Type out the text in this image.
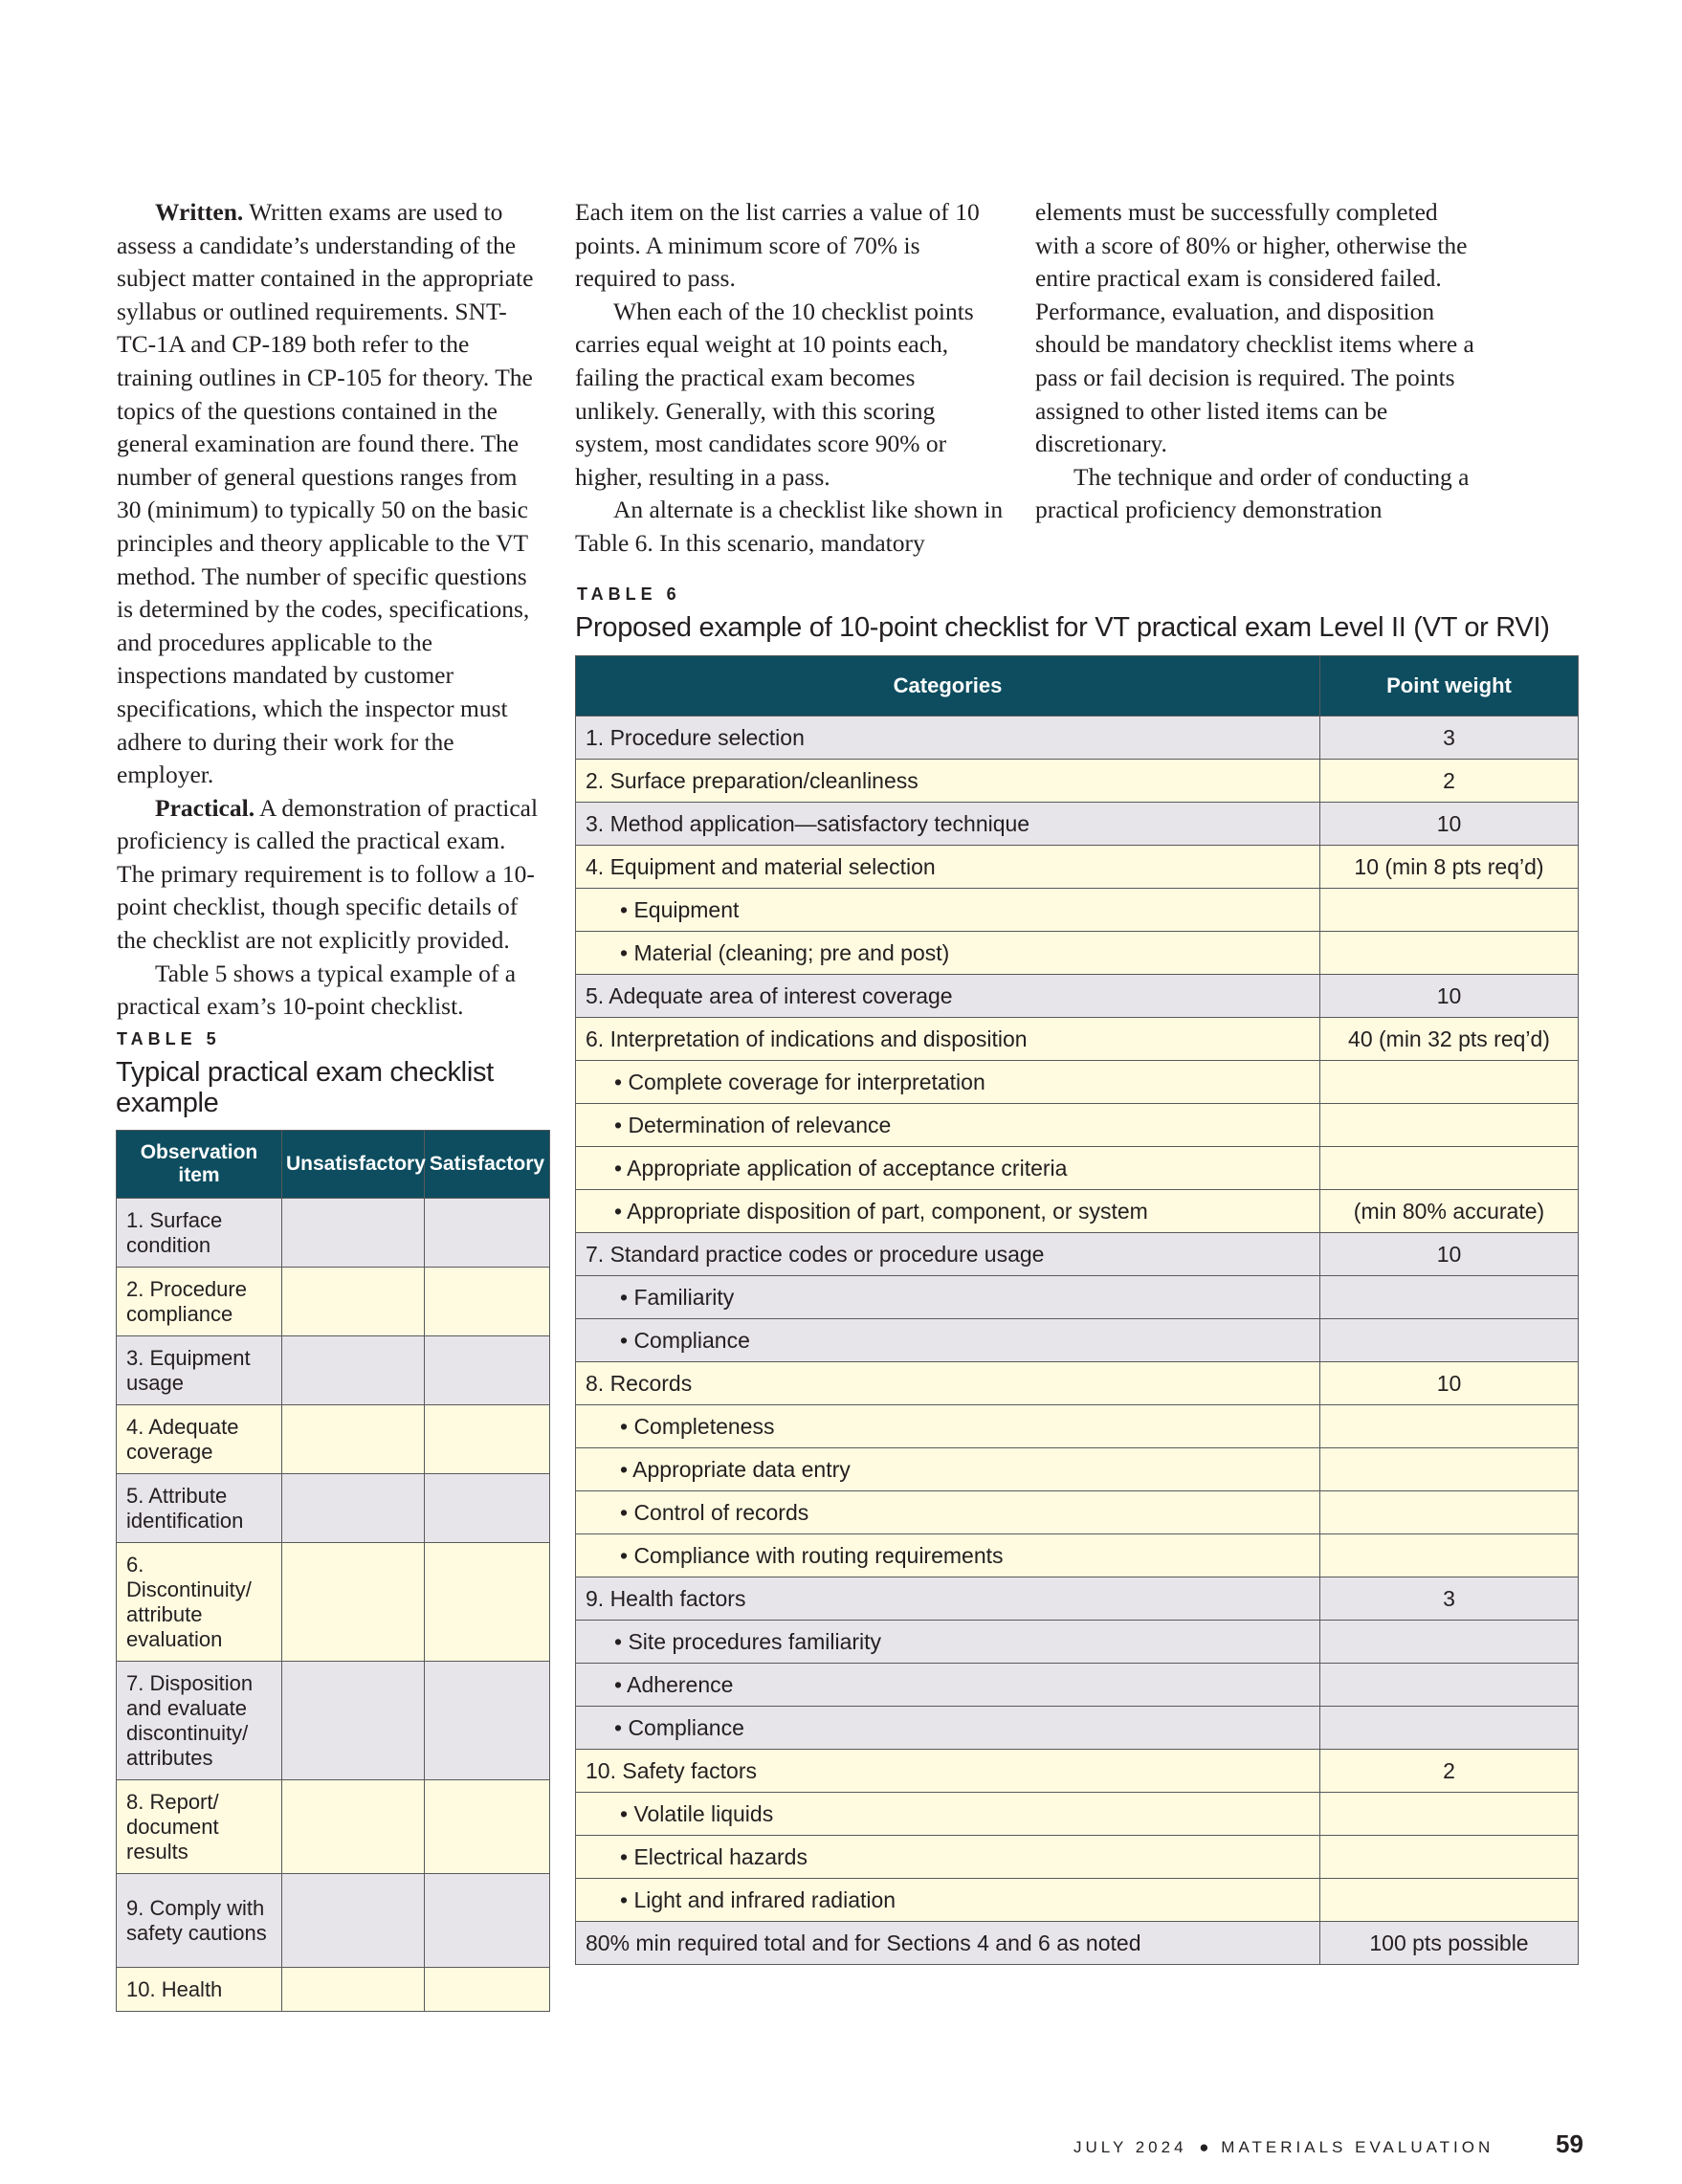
Written. Written exams are used to assess a candidate’s understanding of the subject matter contained in the appropriate syllabus or outlined requirements. SNT-TC-1A and CP-189 both refer to the training outlines in CP-105 for theory. The topics of the questions contained in the general examination are found there. The number of general questions ranges from 30 (minimum) to typically 50 on the basic principles and theory applicable to the VT method. The number of specific questions is determined by the codes, specifications, and procedures applicable to the inspections mandated by customer specifications, which the inspector must adhere to during their work for the employer.

Practical. A demonstration of practical proficiency is called the practical exam. The primary requirement is to follow a 10-point checklist, though specific details of the checklist are not explicitly provided.

Table 5 shows a typical example of a practical exam’s 10-point checklist.

Each item on the list carries a value of 10 points. A minimum score of 70% is required to pass.

When each of the 10 checklist points carries equal weight at 10 points each, failing the practical exam becomes unlikely. Generally, with this scoring system, most candidates score 90% or higher, resulting in a pass.

An alternate is a checklist like shown in Table 6. In this scenario, mandatory

elements must be successfully completed with a score of 80% or higher, otherwise the entire practical exam is considered failed. Performance, evaluation, and disposition should be mandatory checklist items where a pass or fail decision is required. The points assigned to other listed items can be discretionary.

The technique and order of conducting a practical proficiency demonstration

TABLE 6
Proposed example of 10-point checklist for VT practical exam Level II (VT or RVI)
Categories	Point weight
1. Procedure selection	3
2. Surface preparation/cleanliness	2
3. Method application—satisfactory technique	10
4. Equipment and material selection	10 (min 8 pts req’d)
• Equipment	
• Material (cleaning; pre and post)	
5. Adequate area of interest coverage	10
6. Interpretation of indications and disposition	40 (min 32 pts req’d)
• Complete coverage for interpretation	
• Determination of relevance	
• Appropriate application of acceptance criteria	
• Appropriate disposition of part, component, or system	(min 80% accurate)
7. Standard practice codes or procedure usage	10
• Familiarity	
• Compliance	
8. Records	10
• Completeness	
• Appropriate data entry	
• Control of records	
• Compliance with routing requirements	
9. Health factors	3
• Site procedures familiarity	
• Adherence	
• Compliance	
10. Safety factors	2
• Volatile liquids	
• Electrical hazards	
• Light and infrared radiation	
80% min required total and for Sections 4 and 6 as noted	100 pts possible
TABLE 5
Typical practical exam checklist example
Observation item	Unsatisfactory	Satisfactory
1. Surface condition		
2. Procedure compliance		
3. Equipment usage		
4. Adequate coverage		
5. Attribute identification		
6. Discontinuity/ attribute evaluation		
7. Disposition and evaluate discontinuity/ attributes		
8. Report/ document results		
9. Comply with safety cautions		
10. Health		
JULY 2024 ● MATERIALS EVALUATION 59
